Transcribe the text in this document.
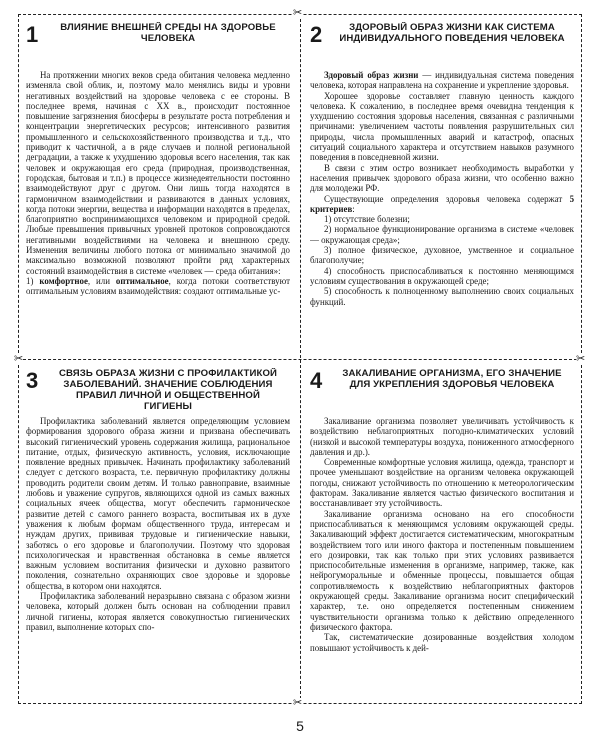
✂
✂
✂
✂
1	ВЛИЯНИЕ ВНЕШНЕЙ СРЕДЫ НА ЗДОРОВЬЕ ЧЕЛОВЕКА

На протяжении многих веков среда обитания человека медленно изменяла свой облик, и, поэтому мало менялись виды и уровни негативных воздействий на здоровье человека с ее стороны. В последнее время, начиная с XX в., происходит постоянное повышение загрязнения биосферы в результате роста потребления и концентрации энергетических ресурсов; интенсивного развития промышленного и сельскохозяйственного производства и т.д., что приводит к частичной, а в ряде случаев и полной региональной деградации, а также к ухудшению здоровья всего населения, так как человек и окружающая его среда (природная, производственная, городская, бытовая и т.п.) в процессе жизнедеятельности постоянно взаимодействуют друг с другом. Они лишь тогда находятся в гармоничном взаимодействии и развиваются в данных условиях, когда потоки энергии, вещества и информации находятся в пределах, благоприятно воспринимающихся человеком и природной средой. Любые превышения привычных уровней протоков сопровождаются негативными воздействиями на человека и внешнюю среду. Изменения величины любого потока от минимально значимой до максимально возможной позволяют пройти ряд характерных состояний взаимодействия в системе «человек — среда обитания»:

1) комфортное, или оптимальное, когда потоки соответствуют оптимальным условиям взаимодействия: создают оптимальные ус-

2	ЗДОРОВЫЙ ОБРАЗ ЖИЗНИ КАК СИСТЕМА ИНДИВИДУАЛЬНОГО ПОВЕДЕНИЯ ЧЕЛОВЕКА

Здоровый образ жизни — индивидуальная система поведения человека, которая направлена на сохранение и укрепление здоровья.

Хорошее здоровье составляет главную ценность каждого человека. К сожалению, в последнее время очевидна тенденция к ухудшению состояния здоровья населения, связанная с различными причинами: увеличением частоты появления разрушительных сил природы, числа промышленных аварий и катастроф, опасных ситуаций социального характера и отсутствием навыков разумного поведения в повседневной жизни.

В связи с этим остро возникает необходимость выработки у населения привычек здорового образа жизни, что особенно важно для молодежи РФ.

Существующие определения здоровья человека содержат 5 критериев:

1) отсутствие болезни;

2) нормальное функционирование организма в системе «человек — окружающая среда»;

3) полное физическое, духовное, умственное и социальное благополучие;

4) способность приспосабливаться к постоянно меняющимся условиям существования в окружающей среде;

5) способность к полноценному выполнению своих социальных функций.

3	СВЯЗЬ ОБРАЗА ЖИЗНИ С ПРОФИЛАКТИКОЙ ЗАБОЛЕВАНИЙ. ЗНАЧЕНИЕ СОБЛЮДЕНИЯ ПРАВИЛ ЛИЧНОЙ И ОБЩЕСТВЕННОЙ ГИГИЕНЫ

Профилактика заболеваний является определяющим условием формирования здорового образа жизни и призвана обеспечивать высокий гигиенический уровень содержания жилища, рациональное питание, отдых, физическую активность, условия, исключающие появление вредных привычек. Начинать профилактику заболеваний следует с детского возраста, т.е. первичную профилактику должны проводить родители своим детям. И только равноправие, взаимные любовь и уважение супругов, являющихся одной из самых важных социальных ячеек общества, могут обеспечить гармоническое развитие детей с самого раннего возраста, воспитывая их в духе уважения к любым формам общественного труда, интересам и нуждам других, прививая трудовые и гигиенические навыки, заботясь о его здоровье и благополучии. Поэтому что здоровая психологическая и нравственная обстановка в семье является важным условием воспитания физически и духовно развитого поколения, сознательно охраняющих свое здоровье и здоровье общества, в котором они находятся.

Профилактика заболеваний неразрывно связана с образом жизни человека, который должен быть основан на соблюдении правил личной гигиены, которая является совокупностью гигиенических правил, выполнение которых спо-

4	ЗАКАЛИВАНИЕ ОРГАНИЗМА, ЕГО ЗНАЧЕНИЕ ДЛЯ УКРЕПЛЕНИЯ ЗДОРОВЬЯ ЧЕЛОВЕКА

Закаливание организма позволяет увеличивать устойчивость к воздействию неблагоприятных погодно-климатических условий (низкой и высокой температуры воздуха, пониженного атмосферного давления и др.).

Современные комфортные условия жилища, одежда, транспорт и прочее уменьшают воздействие на организм человека окружающей погоды, снижают устойчивость по отношению к метеорологическим факторам. Закаливание является частью физического воспитания и восстанавливает эту устойчивость.

Закаливание организма основано на его способности приспосабливаться к меняющимся условиям окружающей среды. Закаливающий эффект достигается систематическим, многократным воздействием того или иного фактора и постепенным повышением его дозировки, так как только при этих условиях развивается приспособительные изменения в организме, например, также, как нейрогуморальные и обменные процессы, повышается общая сопротивляемость к воздействию неблагоприятных факторов окружающей среды. Закаливание организма носит специфический характер, т.е. оно определяется постепенным снижением чувствительности организма только к действию определенного физического фактора.

Так, систематические дозированные воздействия холодом повышают устойчивость к дей-

5
